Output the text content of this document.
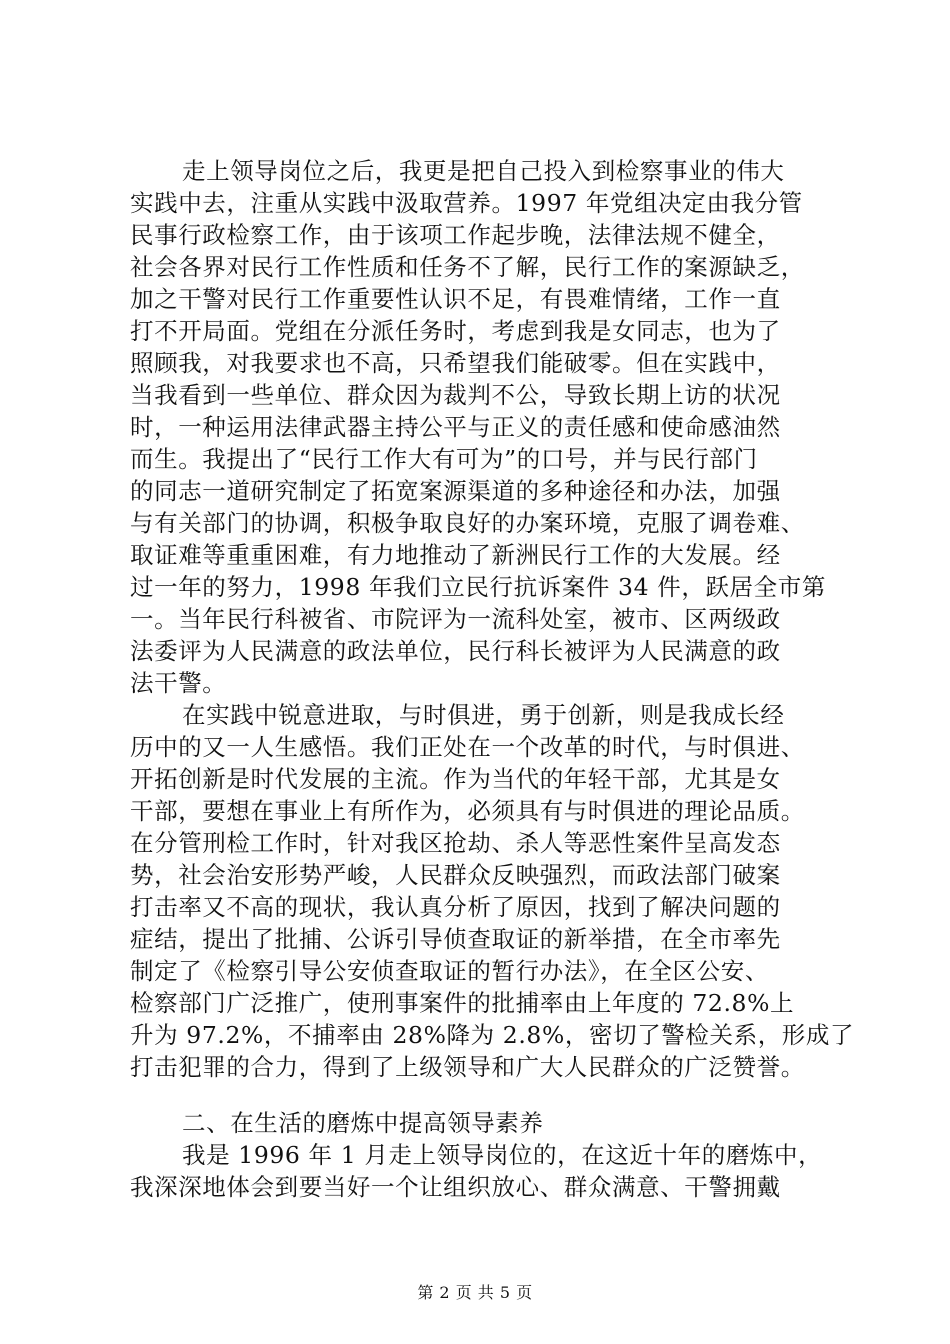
走上领导岗位之后，我更是把自己投入到检察事业的伟大
实践中去，注重从实践中汲取营养。1997 年党组决定由我分管
民事行政检察工作，由于该项工作起步晚，法律法规不健全，
社会各界对民行工作性质和任务不了解，民行工作的案源缺乏，
加之干警对民行工作重要性认识不足，有畏难情绪，工作一直
打不开局面。党组在分派任务时，考虑到我是女同志，也为了
照顾我，对我要求也不高，只希望我们能破零。但在实践中，
当我看到一些单位、群众因为裁判不公，导致长期上访的状况
时，一种运用法律武器主持公平与正义的责任感和使命感油然
而生。我提出了“民行工作大有可为”的口号，并与民行部门
的同志一道研究制定了拓宽案源渠道的多种途径和办法，加强
与有关部门的协调，积极争取良好的办案环境，克服了调卷难、
取证难等重重困难，有力地推动了新洲民行工作的大发展。经
过一年的努力，1998 年我们立民行抗诉案件 34 件，跃居全市第
一。当年民行科被省、市院评为一流科处室，被市、区两级政
法委评为人民满意的政法单位，民行科长被评为人民满意的政
法干警。
在实践中锐意进取，与时俱进，勇于创新，则是我成长经
历中的又一人生感悟。我们正处在一个改革的时代，与时俱进、
开拓创新是时代发展的主流。作为当代的年轻干部，尤其是女
干部，要想在事业上有所作为，必须具有与时俱进的理论品质。
在分管刑检工作时，针对我区抢劫、杀人等恶性案件呈高发态
势，社会治安形势严峻，人民群众反映强烈，而政法部门破案
打击率又不高的现状，我认真分析了原因，找到了解决问题的
症结，提出了批捕、公诉引导侦查取证的新举措，在全市率先
制定了《检察引导公安侦查取证的暂行办法》，在全区公安、
检察部门广泛推广，使刑事案件的批捕率由上年度的 72.8%上
升为 97.2%，不捕率由 28%降为 2.8%，密切了警检关系，形成了
打击犯罪的合力，得到了上级领导和广大人民群众的广泛赞誉。
二、在生活的磨炼中提高领导素养
我是 1996 年 1 月走上领导岗位的，在这近十年的磨炼中，
我深深地体会到要当好一个让组织放心、群众满意、干警拥戴
第 2 页 共 5 页
